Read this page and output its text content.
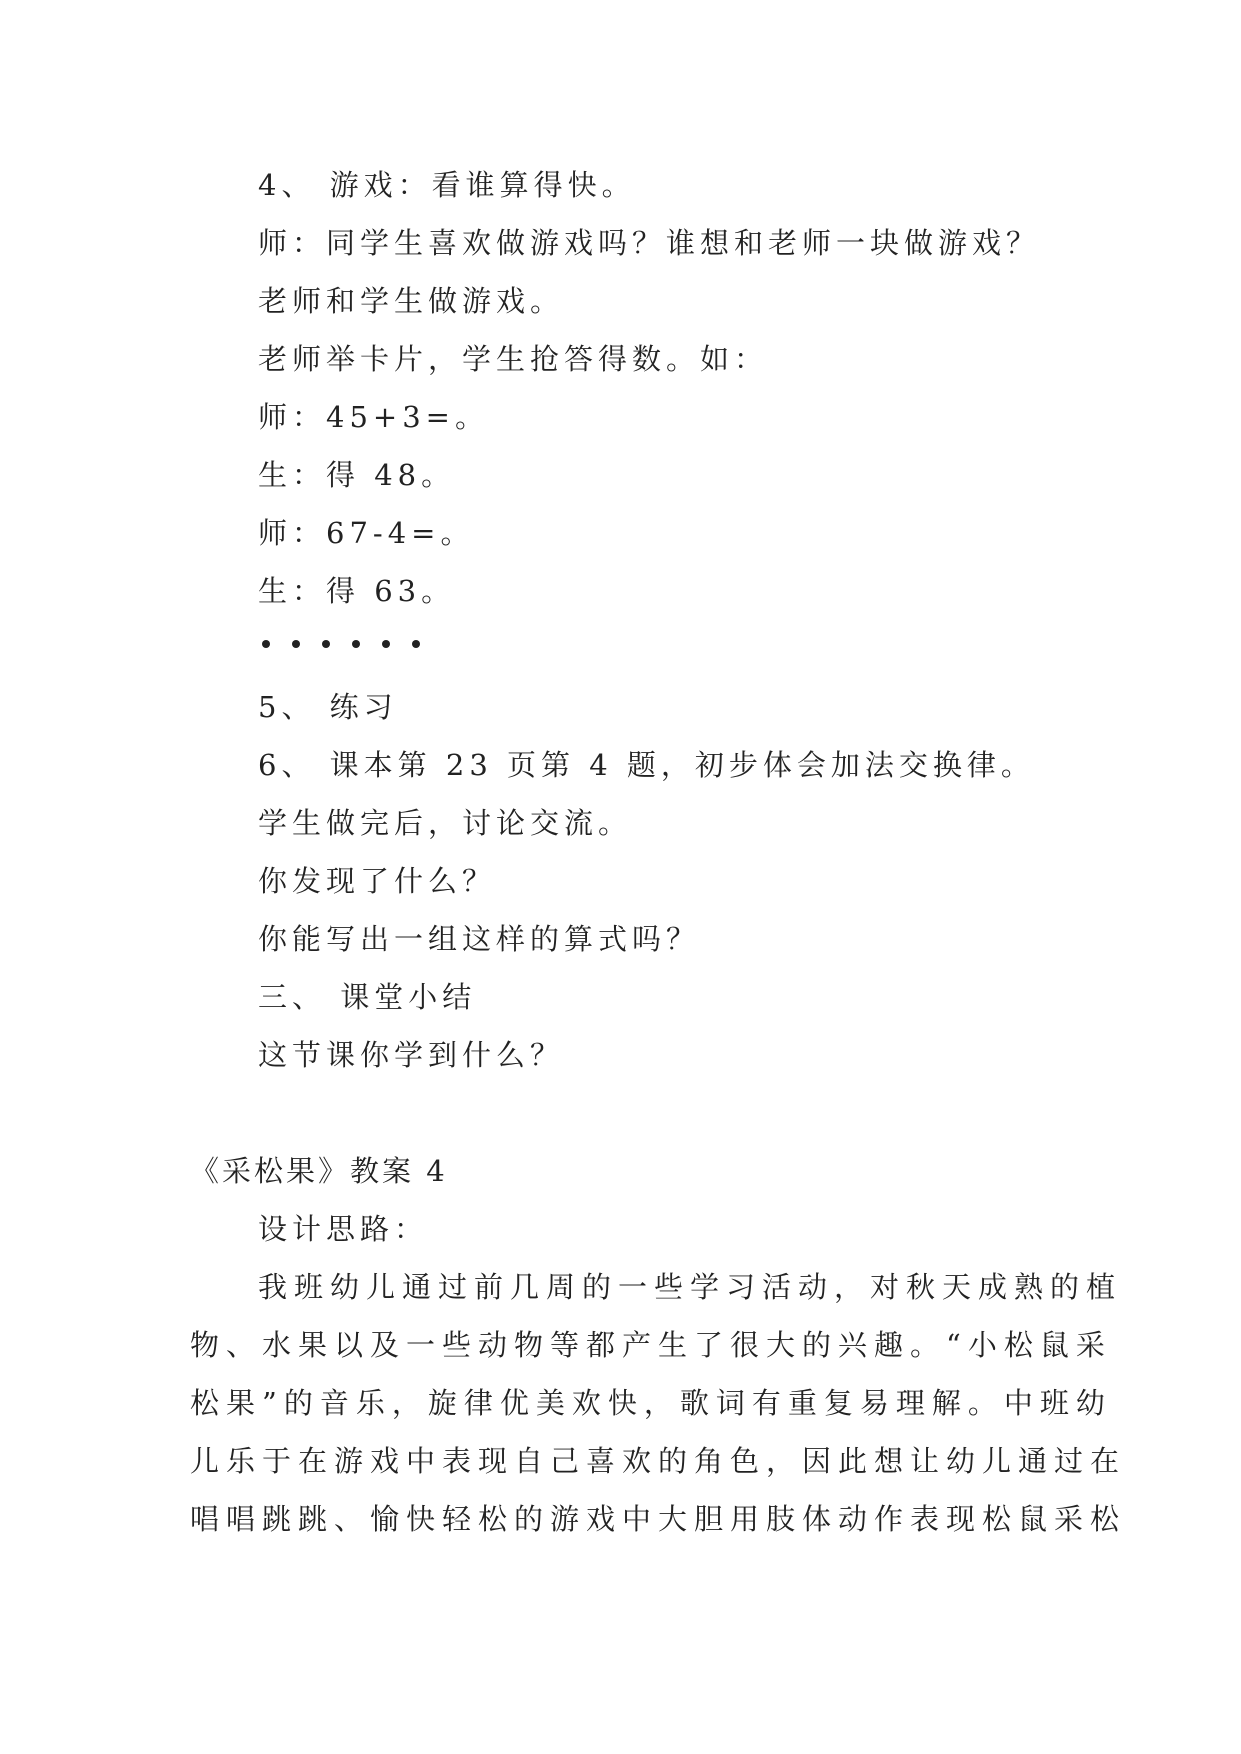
4、 游戏：看谁算得快。
师：同学生喜欢做游戏吗？谁想和老师一块做游戏？
老师和学生做游戏。
老师举卡片，学生抢答得数。如：
师：45+3=。
生：得 48。
师：67-4=。
生：得 63。
5、 练习
6、 课本第 23 页第 4 题，初步体会加法交换律。
学生做完后，讨论交流。
你发现了什么？
你能写出一组这样的算式吗？
三、 课堂小结
这节课你学到什么？
《采松果》教案 4
设计思路：
我班幼儿通过前几周的一些学习活动，对秋天成熟的植
物、水果以及一些动物等都产生了很大的兴趣。“小松鼠采
松果”的音乐，旋律优美欢快，歌词有重复易理解。中班幼
儿乐于在游戏中表现自己喜欢的角色，因此想让幼儿通过在
唱唱跳跳、愉快轻松的游戏中大胆用肢体动作表现松鼠采松
